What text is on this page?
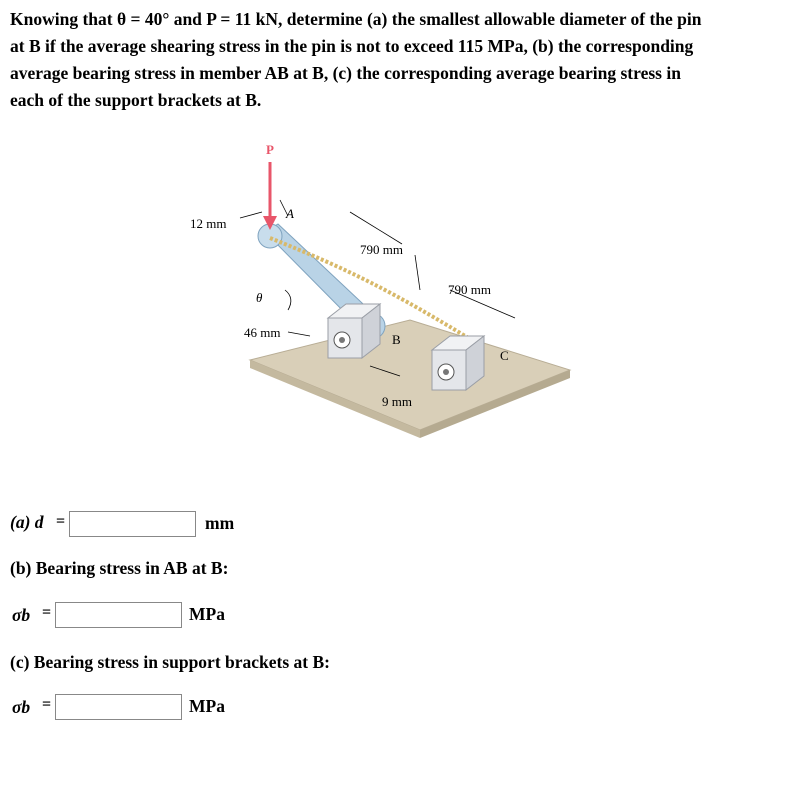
Knowing that θ = 40° and P = 11 kN, determine (a) the smallest allowable diameter of the pin
at B if the average shearing stress in the pin is not to exceed 115 MPa, (b) the corresponding
average bearing stress in member AB at B, (c) the corresponding average bearing stress in
each of the support brackets at B.
P
A
12 mm
790 mm
790 mm
θ
46 mm	B
C
9 mm
(a) d =	mm
(b) Bearing stress in AB at B:
σb =	MPa
(c) Bearing stress in support brackets at B:
σb =	MPa
